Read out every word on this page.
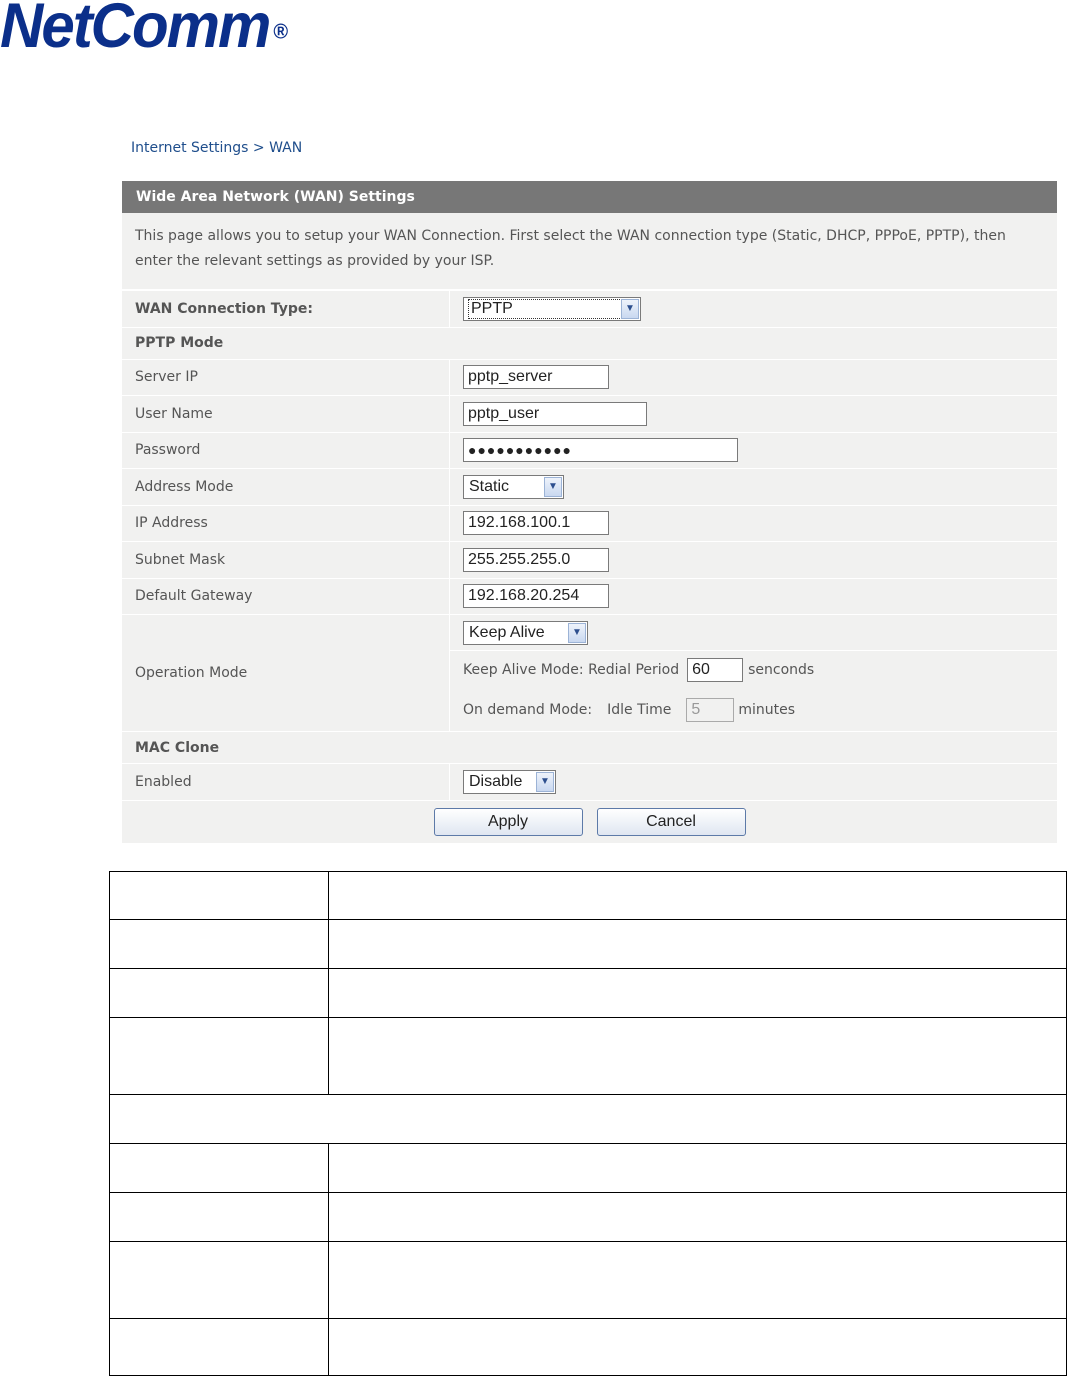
NetComm ®
Internet Settings > WAN
Wide Area Network (WAN) Settings
This page allows you to setup your WAN Connection. First select the WAN connection type (Static, DHCP, PPPoE, PPTP), then enter the relevant settings as provided by your ISP.
WAN Connection Type:	PPTP	▼
PPTP Mode
Server IP	pptp_server
User Name	pptp_user
Password	●●●●●●●●●●●
Address Mode	Static	▼
IP Address	192.168.100.1
Subnet Mask	255.255.255.0
Default Gateway	192.168.20.254
Operation Mode
Keep Alive	▼
Keep Alive Mode: Redial Period 60	senconds
On demand Mode: Idle Time	5	minutes
MAC Clone
Enabled	Disable	▼
Apply	Cancel
